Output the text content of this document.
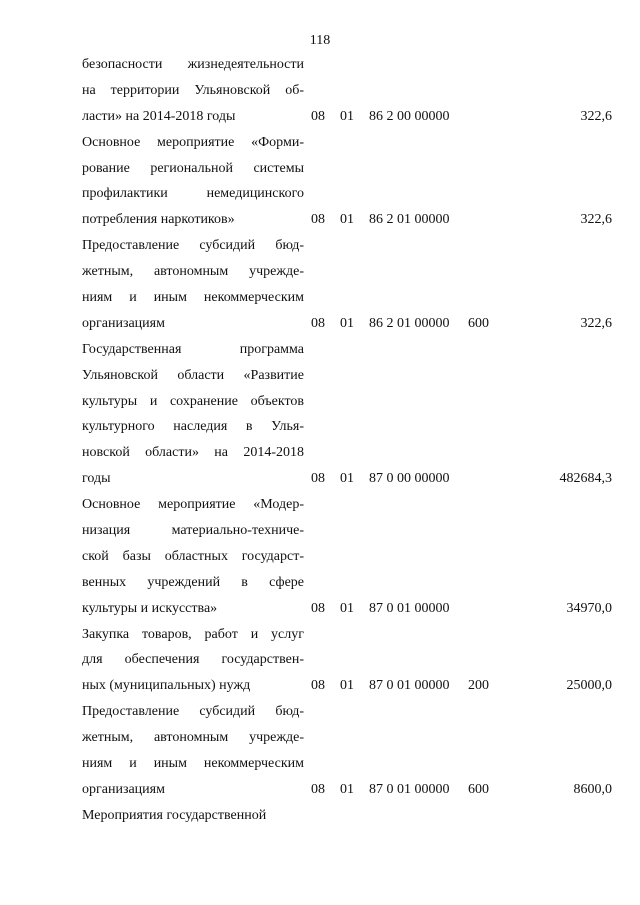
118
безопасности жизнедеятельности
на территории Ульяновской об-
ласти» на 2014-2018 годы	08 01 86 2 00 00000	322,6
Основное мероприятие «Форми-
рование региональной системы
профилактики немедицинского
потребления наркотиков»	08 01 86 2 01 00000	322,6
Предоставление субсидий бюд-
жетным, автономным учрежде-
ниям и иным некоммерческим
организациям	08 01 86 2 01 00000 600	322,6
Государственная программа
Ульяновской области «Развитие
культуры и сохранение объектов
культурного наследия в Улья-
новской области» на 2014-2018
годы	08 01 87 0 00 00000	482684,3
Основное мероприятие «Модер-
низация материально-техниче-
ской базы областных государст-
венных учреждений в сфере
культуры и искусства»	08 01 87 0 01 00000	34970,0
Закупка товаров, работ и услуг
для обеспечения государствен-
ных (муниципальных) нужд	08 01 87 0 01 00000 200	25000,0
Предоставление субсидий бюд-
жетным, автономным учрежде-
ниям и иным некоммерческим
организациям	08 01 87 0 01 00000 600	8600,0
Мероприятия государственной
